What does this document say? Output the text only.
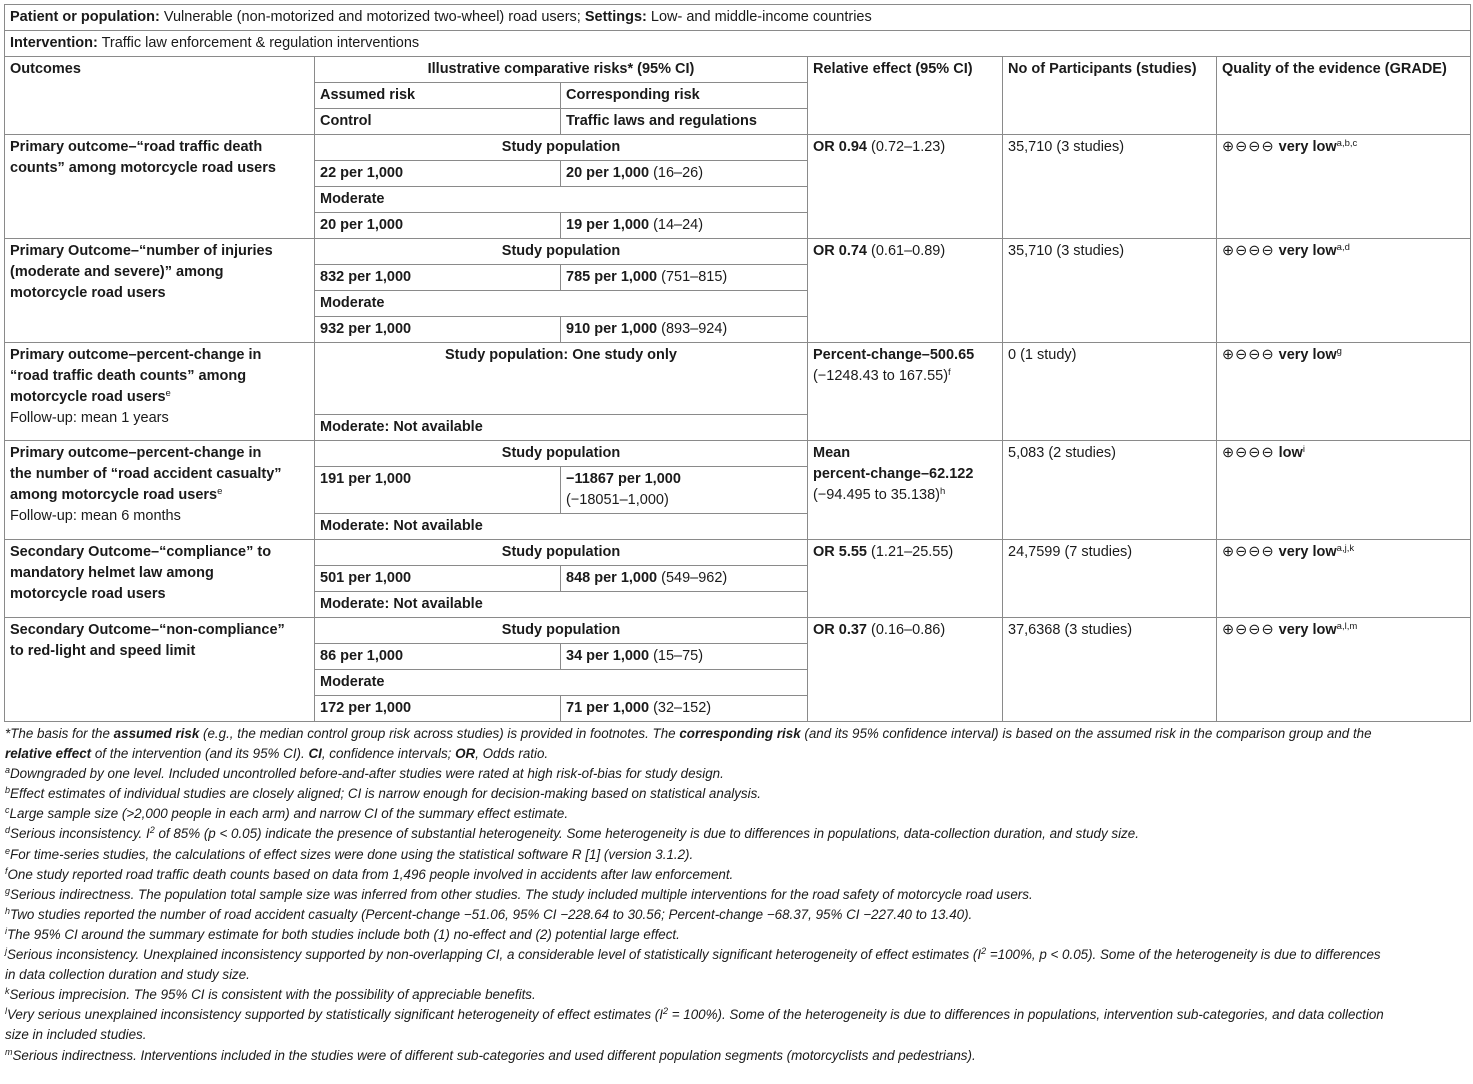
Patient or population: Vulnerable (non-motorized and motorized two-wheel) road users; Settings: Low- and middle-income countries					
Intervention: Traffic law enforcement & regulation interventions					
Outcomes	Illustrative comparative risks* (95% CI)		Relative effect (95% CI)	No of Participants (studies)	Quality of the evidence (GRADE)
	Assumed risk	Corresponding risk			
	Control	Traffic laws and regulations			
Primary outcome–“road traffic death
counts” among motorcycle road users	Study population		OR 0.94 (0.72–1.23)	35,710 (3 studies)	⊕⊖⊖⊖ very low$^{a,b,c}$
	22 per 1,000	20 per 1,000 (16–26)			
	Moderate				
	20 per 1,000	19 per 1,000 (14–24)			
Primary Outcome–“number of injuries
(moderate and severe)” among
motorcycle road users	Study population		OR 0.74 (0.61–0.89)	35,710 (3 studies)	⊕⊖⊖⊖ very low$^{a,d}$
	832 per 1,000	785 per 1,000 (751–815)			
	Moderate				
	932 per 1,000	910 per 1,000 (893–924)			
Primary outcome–percent-change in
“road traffic death counts” among
motorcycle road users$^e$
Follow-up: mean 1 years	Study population: One study only		Percent-change–500.65
(−1248.43 to 167.55)$^f$	0 (1 study)	⊕⊖⊖⊖ very low$^g$
	Moderate: Not available				
Primary outcome–percent-change in
the number of “road accident casualty”
among motorcycle road users$^e$
Follow-up: mean 6 months	Study population		Mean
percent-change–62.122
(−94.495 to 35.138)$^h$	5,083 (2 studies)	⊕⊖⊖⊖ low$^i$
	191 per 1,000	−11867 per 1,000
(−18051–1,000)			
	Moderate: Not available				
Secondary Outcome–“compliance” to
mandatory helmet law among
motorcycle road users	Study population		OR 5.55 (1.21–25.55)	24,7599 (7 studies)	⊕⊖⊖⊖ very low$^{a,j,k}$
	501 per 1,000	848 per 1,000 (549–962)			
	Moderate: Not available				
Secondary Outcome–“non-compliance”
to red-light and speed limit	Study population		OR 0.37 (0.16–0.86)	37,6368 (3 studies)	⊕⊖⊖⊖ very low$^{a,l,m}$
	86 per 1,000	34 per 1,000 (15–75)			
	Moderate				
	172 per 1,000	71 per 1,000 (32–152)			

*The basis for the assumed risk (e.g., the median control group risk across studies) is provided in footnotes. The corresponding risk (and its 95% confidence interval) is based on the assumed risk in the comparison group and the
relative effect of the intervention (and its 95% CI). CI, confidence intervals; OR, Odds ratio.

$^a$Downgraded by one level. Included uncontrolled before-and-after studies were rated at high risk-of-bias for study design.

$^b$Effect estimates of individual studies are closely aligned; CI is narrow enough for decision-making based on statistical analysis.

$^c$Large sample size (>2,000 people in each arm) and narrow CI of the summary effect estimate.

$^d$Serious inconsistency. $I^2$ of 85% (p < 0.05) indicate the presence of substantial heterogeneity. Some heterogeneity is due to differences in populations, data-collection duration, and study size.

$^e$For time-series studies, the calculations of effect sizes were done using the statistical software R [1] (version 3.1.2).

$^f$One study reported road traffic death counts based on data from 1,496 people involved in accidents after law enforcement.

$^g$Serious indirectness. The population total sample size was inferred from other studies. The study included multiple interventions for the road safety of motorcycle road users.

$^h$Two studies reported the number of road accident casualty (Percent-change −51.06, 95% CI −228.64 to 30.56; Percent-change −68.37, 95% CI −227.40 to 13.40).

$^i$The 95% CI around the summary estimate for both studies include both (1) no-effect and (2) potential large effect.

$^j$Serious inconsistency. Unexplained inconsistency supported by non-overlapping CI, a considerable level of statistically significant heterogeneity of effect estimates ($I^2 =100\%$, p < 0.05). Some of the heterogeneity is due to differences
in data collection duration and study size.

$^k$Serious imprecision. The 95% CI is consistent with the possibility of appreciable benefits.

$^l$Very serious unexplained inconsistency supported by statistically significant heterogeneity of effect estimates $(I^2 = 100\%)$. Some of the heterogeneity is due to differences in populations, intervention sub-categories, and data collection
size in included studies.

$^m$Serious indirectness. Interventions included in the studies were of different sub-categories and used different population segments (motorcyclists and pedestrians).
